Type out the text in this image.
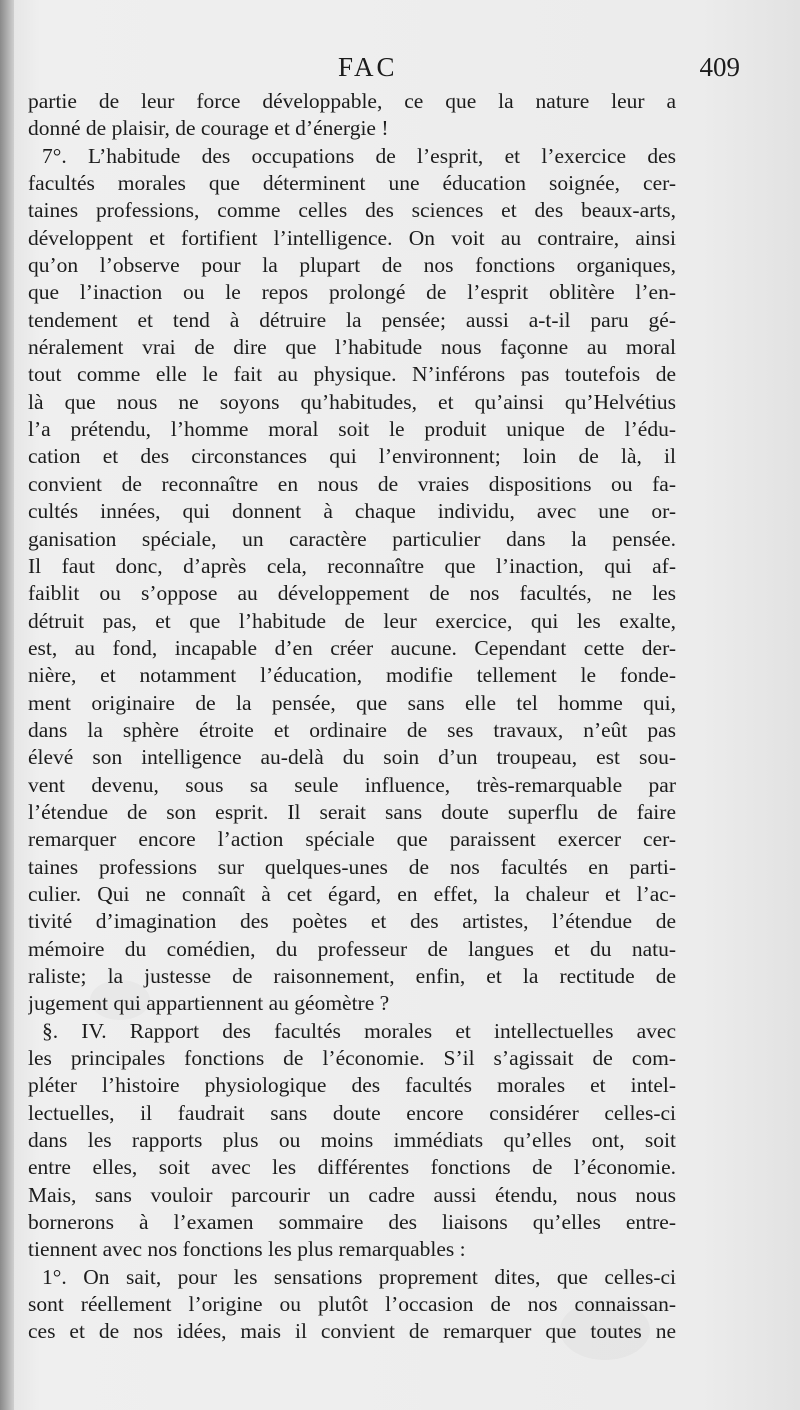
FAC	409
partie de leur force développable, ce que la nature leur a
donné de plaisir, de courage et d’énergie !
7°. L’habitude des occupations de l’esprit, et l’exercice des
facultés morales que déterminent une éducation soignée, cer-
taines professions, comme celles des sciences et des beaux-arts,
développent et fortifient l’intelligence. On voit au contraire, ainsi
qu’on l’observe pour la plupart de nos fonctions organiques,
que l’inaction ou le repos prolongé de l’esprit oblitère l’en-
tendement et tend à détruire la pensée; aussi a-t-il paru gé-
néralement vrai de dire que l’habitude nous façonne au moral
tout comme elle le fait au physique. N’inférons pas toutefois de
là que nous ne soyons qu’habitudes, et qu’ainsi qu’Helvétius
l’a prétendu, l’homme moral soit le produit unique de l’édu-
cation et des circonstances qui l’environnent; loin de là, il
convient de reconnaître en nous de vraies dispositions ou fa-
cultés innées, qui donnent à chaque individu, avec une or-
ganisation spéciale, un caractère particulier dans la pensée.
Il faut donc, d’après cela, reconnaître que l’inaction, qui af-
faiblit ou s’oppose au développement de nos facultés, ne les
détruit pas, et que l’habitude de leur exercice, qui les exalte,
est, au fond, incapable d’en créer aucune. Cependant cette der-
nière, et notamment l’éducation, modifie tellement le fonde-
ment originaire de la pensée, que sans elle tel homme qui,
dans la sphère étroite et ordinaire de ses travaux, n’eût pas
élevé son intelligence au-delà du soin d’un troupeau, est sou-
vent devenu, sous sa seule influence, très-remarquable par
l’étendue de son esprit. Il serait sans doute superflu de faire
remarquer encore l’action spéciale que paraissent exercer cer-
taines professions sur quelques-unes de nos facultés en parti-
culier. Qui ne connaît à cet égard, en effet, la chaleur et l’ac-
tivité d’imagination des poètes et des artistes, l’étendue de
mémoire du comédien, du professeur de langues et du natu-
raliste; la justesse de raisonnement, enfin, et la rectitude de
jugement qui appartiennent au géomètre ?
§. IV. Rapport des facultés morales et intellectuelles avec
les principales fonctions de l’économie. S’il s’agissait de com-
pléter l’histoire physiologique des facultés morales et intel-
lectuelles, il faudrait sans doute encore considérer celles-ci
dans les rapports plus ou moins immédiats qu’elles ont, soit
entre elles, soit avec les différentes fonctions de l’économie.
Mais, sans vouloir parcourir un cadre aussi étendu, nous nous
bornerons à l’examen sommaire des liaisons qu’elles entre-
tiennent avec nos fonctions les plus remarquables :
1°. On sait, pour les sensations proprement dites, que celles-ci
sont réellement l’origine ou plutôt l’occasion de nos connaissan-
ces et de nos idées, mais il convient de remarquer que toutes ne
